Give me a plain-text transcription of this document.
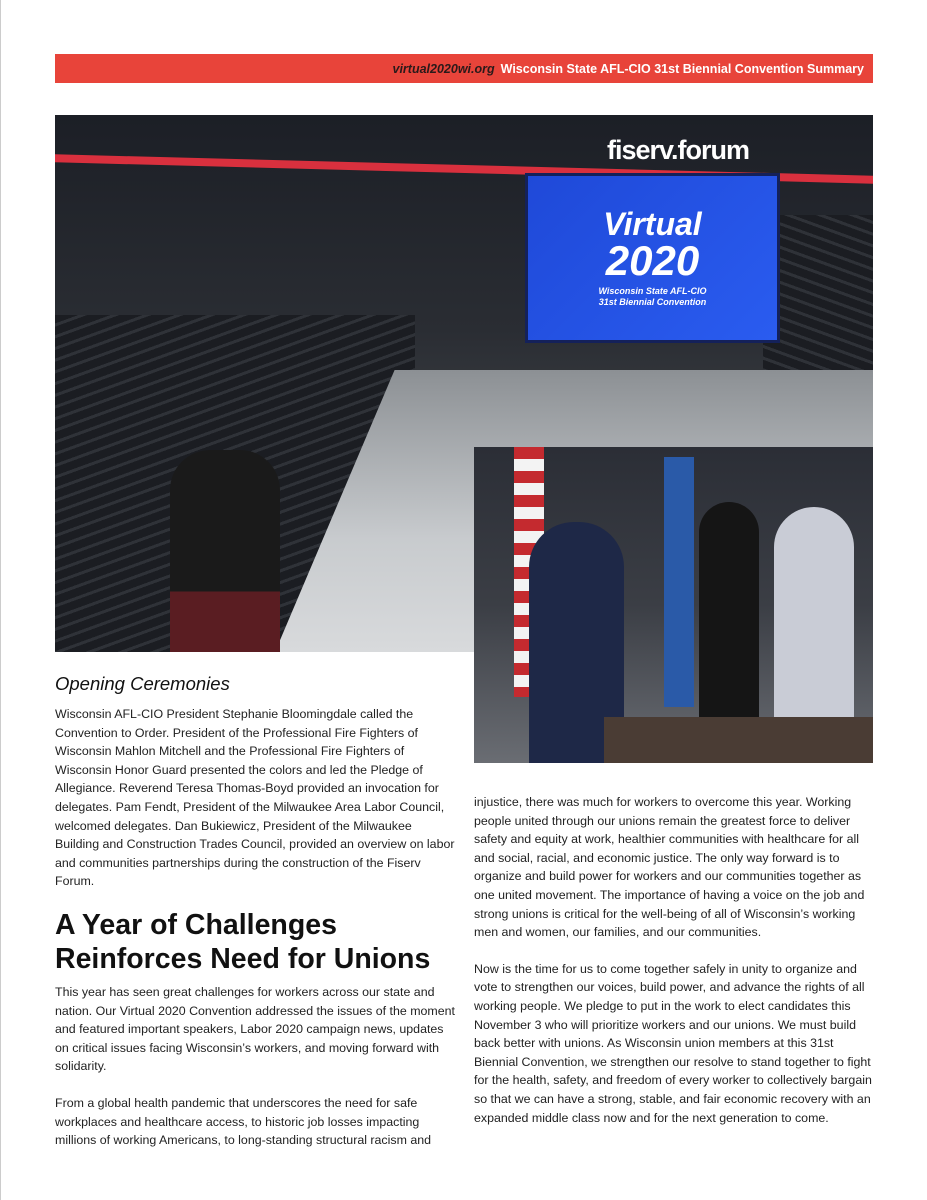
virtual2020wi.org Wisconsin State AFL-CIO 31st Biennial Convention Summary
fiserv.forum
Virtual
2020
Wisconsin State AFL-CIO
31st Biennial Convention
Opening Ceremonies
Wisconsin AFL-CIO President Stephanie Bloomingdale called the Convention to Order. President of the Professional Fire Fighters of Wisconsin Mahlon Mitchell and the Professional Fire Fighters of Wisconsin Honor Guard presented the colors and led the Pledge of Allegiance. Reverend Teresa Thomas-Boyd provided an invocation for delegates. Pam Fendt, President of the Milwaukee Area Labor Council, welcomed delegates. Dan Bukiewicz, President of the Milwaukee Building and Construction Trades Council, provided an overview on labor and communities partnerships during the construction of the Fiserv Forum.
A Year of Challenges Reinforces Need for Unions

This year has seen great challenges for workers across our state and nation. Our Virtual 2020 Convention addressed the issues of the moment and featured important speakers, Labor 2020 campaign news, updates on critical issues facing Wisconsin’s workers, and moving forward with solidarity.

From a global health pandemic that underscores the need for safe workplaces and healthcare access, to historic job losses impacting millions of working Americans, to long-standing structural racism and

injustice, there was much for workers to overcome this year. Working people united through our unions remain the greatest force to deliver safety and equity at work, healthier communities with healthcare for all and social, racial, and economic justice. The only way forward is to organize and build power for workers and our communities together as one united movement. The importance of having a voice on the job and strong unions is critical for the well-being of all of Wisconsin’s working men and women, our families, and our communities.

Now is the time for us to come together safely in unity to organize and vote to strengthen our voices, build power, and advance the rights of all working people. We pledge to put in the work to elect candidates this November 3 who will prioritize workers and our unions. We must build back better with unions. As Wisconsin union members at this 31st Biennial Convention, we strengthen our resolve to stand together to fight for the health, safety, and freedom of every worker to collectively bargain so that we can have a strong, stable, and fair economic recovery with an expanded middle class now and for the next generation to come.
